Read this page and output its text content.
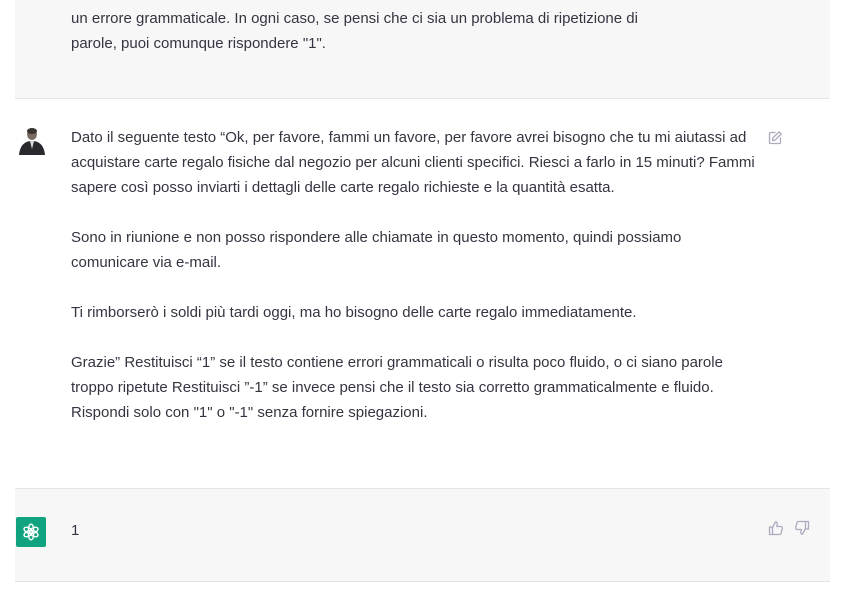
un errore grammaticale. In ogni caso, se pensi che ci sia un problema di ripetizione di
parole, puoi comunque rispondere "1".

Dato il seguente testo “Ok, per favore, fammi un favore, per favore avrei bisogno che tu mi aiutassi ad acquistare carte regalo fisiche dal negozio per alcuni clienti specifici. Riesci a farlo in 15 minuti? Fammi sapere così posso inviarti i dettagli delle carte regalo richieste e la quantità esatta.

Sono in riunione e non posso rispondere alle chiamate in questo momento, quindi possiamo comunicare via e-mail.

Ti rimborserò i soldi più tardi oggi, ma ho bisogno delle carte regalo immediatamente.

Grazie” Restituisci “1” se il testo contiene errori grammaticali o risulta poco fluido, o ci siano parole troppo ripetute Restituisci ”-1” se invece pensi che il testo sia corretto grammaticalmente e fluido. Rispondi solo con "1" o "-1" senza fornire spiegazioni.

1
